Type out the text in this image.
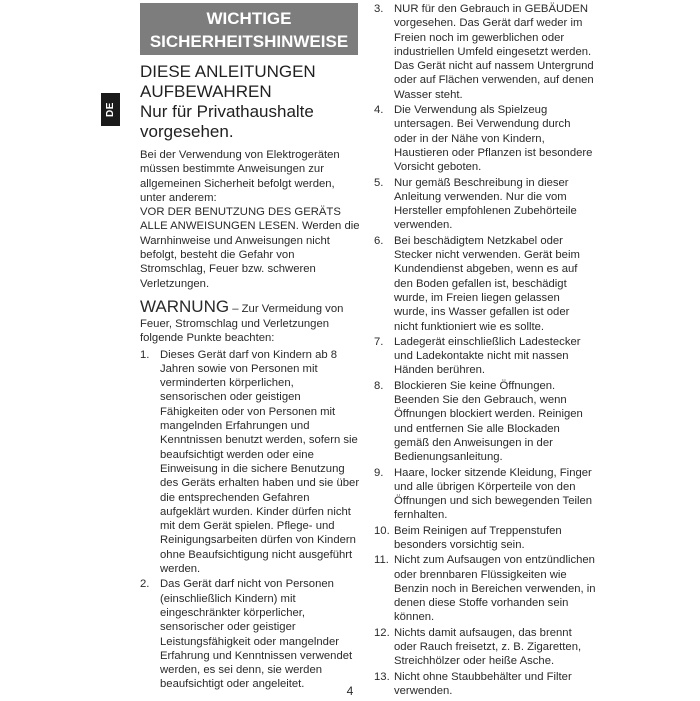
DE
WICHTIGE SICHERHEITSHINWEISE
DIESE ANLEITUNGEN AUFBEWAHREN
Nur für Privathaushalte vorgesehen.

Bei der Verwendung von Elektrogeräten müssen bestimmte Anweisungen zur allgemeinen Sicherheit befolgt werden, unter anderem:

VOR DER BENUTZUNG DES GERÄTS ALLE ANWEISUNGEN LESEN. Werden die Warnhinweise und Anweisungen nicht befolgt, besteht die Gefahr von Stromschlag, Feuer bzw. schweren Verletzungen.

WARNUNG – Zur Vermeidung von Feuer, Stromschlag und Verletzungen folgende Punkte beachten:
1. Dieses Gerät darf von Kindern ab 8 Jahren sowie von Personen mit verminderten körperlichen, sensorischen oder geistigen Fähigkeiten oder von Personen mit mangelnden Erfahrungen und Kenntnissen benutzt werden, sofern sie beaufsichtigt werden oder eine Einweisung in die sichere Benutzung des Geräts erhalten haben und sie über die entsprechenden Gefahren aufgeklärt wurden. Kinder dürfen nicht mit dem Gerät spielen. Pflege- und Reinigungsarbeiten dürfen von Kindern ohne Beaufsichtigung nicht ausgeführt werden.
2. Das Gerät darf nicht von Personen (einschließlich Kindern) mit eingeschränkter körperlicher, sensorischer oder geistiger Leistungsfähigkeit oder mangelnder Erfahrung und Kenntnissen verwendet werden, es sei denn, sie werden beaufsichtigt oder angeleitet.
3. NUR für den Gebrauch in GEBÄUDEN vorgesehen. Das Gerät darf weder im Freien noch im gewerblichen oder industriellen Umfeld eingesetzt werden. Das Gerät nicht auf nassem Untergrund oder auf Flächen verwenden, auf denen Wasser steht.
4. Die Verwendung als Spielzeug untersagen. Bei Verwendung durch oder in der Nähe von Kindern, Haustieren oder Pflanzen ist besondere Vorsicht geboten.
5. Nur gemäß Beschreibung in dieser Anleitung verwenden. Nur die vom Hersteller empfohlenen Zubehörteile verwenden.
6. Bei beschädigtem Netzkabel oder Stecker nicht verwenden. Gerät beim Kundendienst abgeben, wenn es auf den Boden gefallen ist, beschädigt wurde, im Freien liegen gelassen wurde, ins Wasser gefallen ist oder nicht funktioniert wie es sollte.
7. Ladegerät einschließlich Ladestecker und Ladekontakte nicht mit nassen Händen berühren.
8. Blockieren Sie keine Öffnungen. Beenden Sie den Gebrauch, wenn Öffnungen blockiert werden. Reinigen und entfernen Sie alle Blockaden gemäß den Anweisungen in der Bedienungsanleitung.
9. Haare, locker sitzende Kleidung, Finger und alle übrigen Körperteile von den Öffnungen und sich bewegenden Teilen fernhalten.
10. Beim Reinigen auf Treppenstufen besonders vorsichtig sein.
11. Nicht zum Aufsaugen von entzündlichen oder brennbaren Flüssigkeiten wie Benzin noch in Bereichen verwenden, in denen diese Stoffe vorhanden sein können.
12. Nichts damit aufsaugen, das brennt oder Rauch freisetzt, z. B. Zigaretten, Streichhölzer oder heiße Asche.
13. Nicht ohne Staubbehälter und Filter verwenden.
4
